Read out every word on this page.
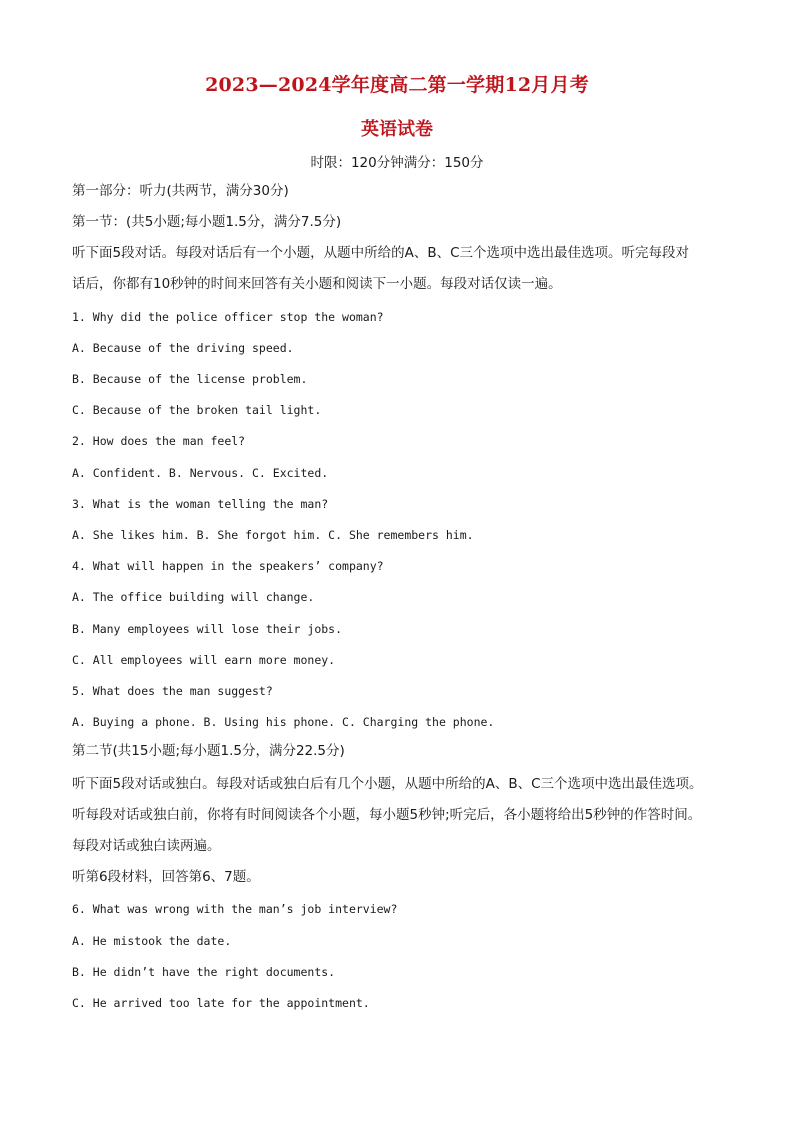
2023—2024学年度高二第一学期12月月考
英语试卷
时限：120分钟满分：150分
第一部分：听力(共两节，满分30分)
第一节：(共5小题;每小题1.5分，满分7.5分)
听下面5段对话。每段对话后有一个小题，从题中所给的A、B、C三个选项中选出最佳选项。听完每段对
话后，你都有10秒钟的时间来回答有关小题和阅读下一小题。每段对话仅读一遍。
1. Why did the police officer stop the woman?
A. Because of the driving speed.
B. Because of the license problem.
C. Because of the broken tail light.
2. How does the man feel?
A. Confident. B. Nervous. C. Excited.
3. What is the woman telling the man?
A. She likes him. B. She forgot him. C. She remembers him.
4. What will happen in the speakers’ company?
A. The office building will change.
B. Many employees will lose their jobs.
C. All employees will earn more money.
5. What does the man suggest?
A. Buying a phone. B. Using his phone. C. Charging the phone.
第二节(共15小题;每小题1.5分，满分22.5分)
听下面5段对话或独白。每段对话或独白后有几个小题，从题中所给的A、B、C三个选项中选出最佳选项。
听每段对话或独白前，你将有时间阅读各个小题，每小题5秒钟;听完后，各小题将给出5秒钟的作答时间。
每段对话或独白读两遍。
听第6段材料，回答第6、7题。
6. What was wrong with the man’s job interview?
A. He mistook the date.
B. He didn’t have the right documents.
C. He arrived too late for the appointment.
